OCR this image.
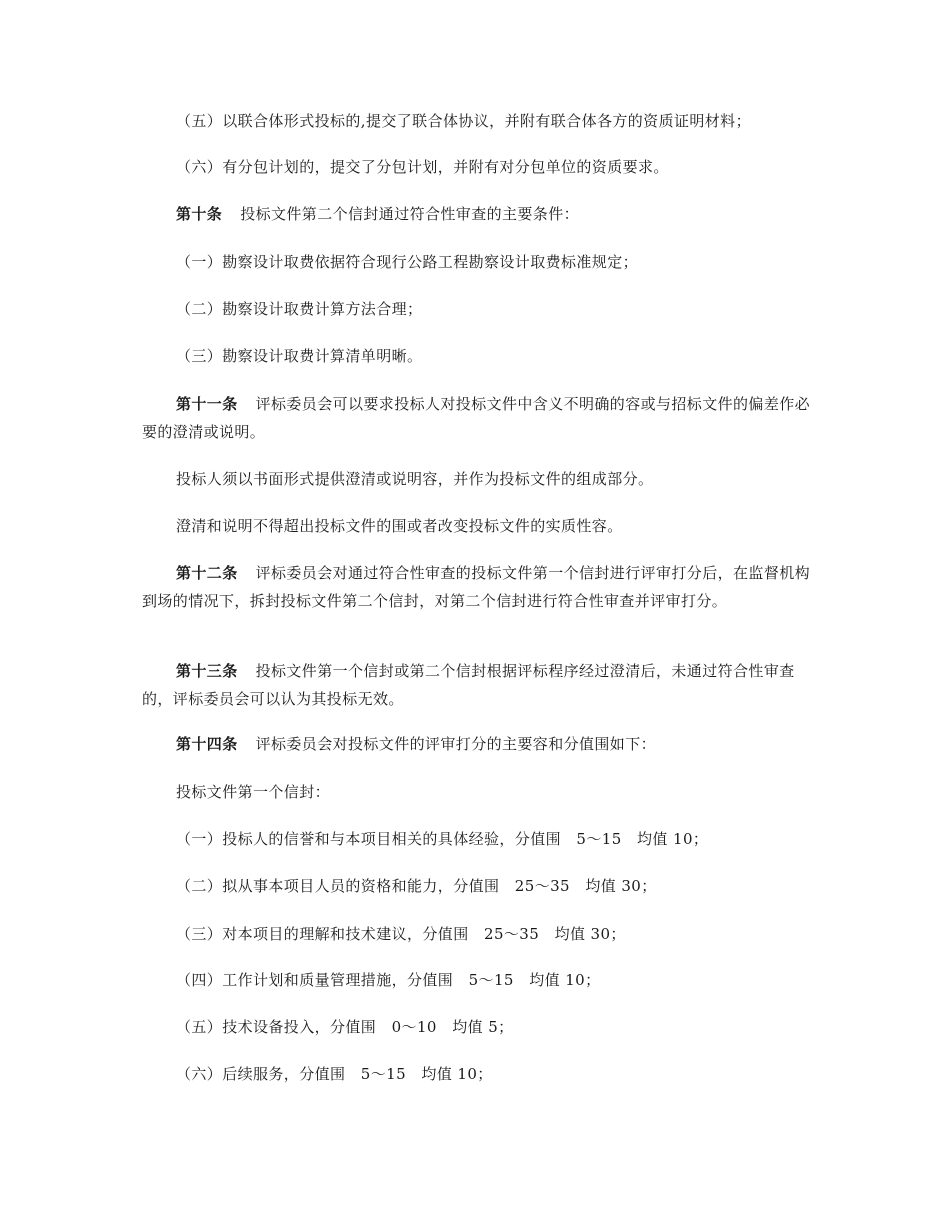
（五）以联合体形式投标的,提交了联合体协议，并附有联合体各方的资质证明材料；

（六）有分包计划的，提交了分包计划，并附有对分包单位的资质要求。

第十条 投标文件第二个信封通过符合性审查的主要条件：

（一）勘察设计取费依据符合现行公路工程勘察设计取费标准规定；

（二）勘察设计取费计算方法合理；

（三）勘察设计取费计算清单明晰。

第十一条 评标委员会可以要求投标人对投标文件中含义不明确的容或与招标文件的偏差作必要的澄清或说明。

投标人须以书面形式提供澄清或说明容，并作为投标文件的组成部分。

澄清和说明不得超出投标文件的围或者改变投标文件的实质性容。

第十二条 评标委员会对通过符合性审查的投标文件第一个信封进行评审打分后，在监督机构到场的情况下，拆封投标文件第二个信封，对第二个信封进行符合性审查并评审打分。

第十三条 投标文件第一个信封或第二个信封根据评标程序经过澄清后，未通过符合性审查的，评标委员会可以认为其投标无效。

第十四条 评标委员会对投标文件的评审打分的主要容和分值围如下：

投标文件第一个信封：

（一）投标人的信誉和与本项目相关的具体经验，分值围　5～15　均值 10；

（二）拟从事本项目人员的资格和能力，分值围　25～35　均值 30；

（三）对本项目的理解和技术建议，分值围　25～35　均值 30；

（四）工作计划和质量管理措施，分值围　5～15　均值 10；

（五）技术设备投入，分值围　0～10　均值 5；

（六）后续服务，分值围　5～15　均值 10；
